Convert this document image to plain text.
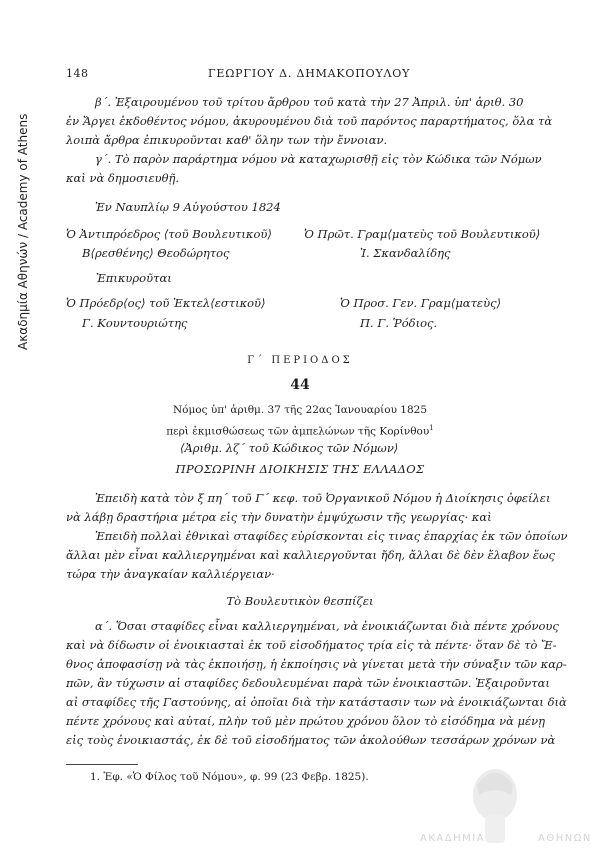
Ακαδημία Αθηνών / Academy of Athens
148	ΓΕΩΡΓΙΟΥ Δ. ΔΗΜΑΚΟΠΟΥΛΟΥ
β΄. Ἐξαιρουμένου τοῦ τρίτου ἄρθρου τοῦ κατὰ τὴν 27 Ἀπριλ. ὑπ' ἀριθ. 30
ἐν Ἄργει ἐκδοθέντος νόμου, ἀκυρουμένου διὰ τοῦ παρόντος παραρτήματος, ὅλα τὰ
λοιπὰ ἄρθρα ἐπικυροῦνται καθ' ὅλην των τὴν ἔννοιαν.
γ΄. Τὸ παρὸν παράρτημα νόμου νὰ καταχωρισθῇ εἰς τὸν Κώδικα τῶν Νόμων
καὶ νὰ δημοσιευθῇ.
Ἐν Ναυπλίῳ 9 Αὐγούστου 1824
Ὁ Ἀντιπρόεδρος ⟨τοῦ Βουλευτικοῦ⟩	Ὁ Πρῶτ. Γραμ⟨ματεὺς τοῦ Βουλευτικοῦ⟩
Β⟨ρεσθένης⟩ Θεοδώρητος	Ἰ. Σκανδαλίδης
Ἐπικυροῦται
Ὁ Πρόεδρ⟨ος⟩ τοῦ Ἐκτελ⟨εστικοῦ⟩	Ὁ Προσ. Γεν. Γραμ⟨ματεὺς⟩
Γ. Κουντουριώτης	Π. Γ. Ῥόδιος.
Γ΄ ΠΕΡΙΟΔΟΣ
44
Νόμος ὑπ' ἀριθμ. 37 τῆς 22ας Ἰανουαρίου 1825
περὶ ἐκμισθώσεως τῶν ἀμπελώνων τῆς Κορίνθου$^1$
⟨Ἀριθμ. λζ΄ τοῦ Κώδικος τῶν Νόμων⟩
ΠΡΟΣΩΡΙΝΗ ΔΙΟΙΚΗΣΙΣ ΤΗΣ ΕΛΛΑΔΟΣ
Ἐπειδὴ κατὰ τὸν ξ πη΄ τοῦ Γ΄ κεφ. τοῦ Ὀργανικοῦ Νόμου ἡ Διοίκησις ὀφείλει
νὰ λάβῃ δραστήρια μέτρα εἰς τὴν δυνατὴν ἐμψύχωσιν τῆς γεωργίας· καὶ
Ἐπειδὴ πολλαὶ ἐθνικαὶ σταφίδες εὑρίσκονται εἰς τινας ἐπαρχίας ἐκ τῶν ὁποίων
ἄλλαι μὲν εἶναι καλλιεργημέναι καὶ καλλιεργοῦνται ἤδη, ἄλλαι δὲ δὲν ἔλαβον ἕως
τώρα τὴν ἀναγκαίαν καλλιέργειαν·
Τὸ Βουλευτικὸν θεσπίζει
α΄. Ὅσαι σταφίδες εἶναι καλλιεργημέναι, νὰ ἐνοικιάζωνται διὰ πέντε χρόνους
καὶ νὰ δίδωσιν οἱ ἐνοικιασταὶ ἐκ τοῦ εἰσοδήματος τρία εἰς τὰ πέντε· ὅταν δὲ τὸ Ἔ-
θνος ἀποφασίσῃ νὰ τὰς ἐκποιήσῃ, ἡ ἐκποίησις νὰ γίνεται μετὰ τὴν σύναξιν τῶν καρ-
πῶν, ἂν τύχωσιν αἱ σταφίδες δεδουλευμέναι παρὰ τῶν ἐνοικιαστῶν. Ἐξαιροῦνται
αἱ σταφίδες τῆς Γαστούνης, αἱ ὁποῖαι διὰ τὴν κατάστασιν των νὰ ἐνοικιάζωνται διὰ
πέντε χρόνους καὶ αὐταί, πλὴν τοῦ μὲν πρώτου χρόνου ὅλον τὸ εἰσόδημα νὰ μένῃ
εἰς τοὺς ἐνοικιαστάς, ἐκ δὲ τοῦ εἰσοδήματος τῶν ἀκολούθων τεσσάρων χρόνων νὰ
1. Ἐφ. «Ὁ Φίλος τοῦ Νόμου», φ. 99 (23 Φεβρ. 1825).
ΑΚΑΔΗΜΙΑ	ΑΘΗΝΩΝ
